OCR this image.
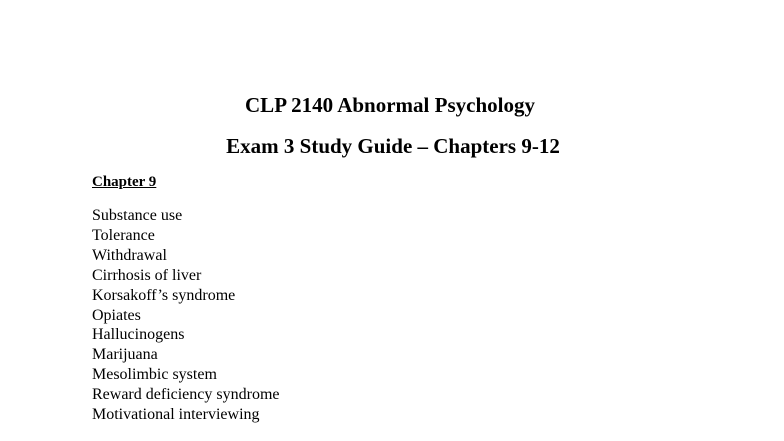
CLP 2140 Abnormal Psychology
Exam 3 Study Guide – Chapters 9-12
Chapter 9
Substance use
Tolerance
Withdrawal
Cirrhosis of liver
Korsakoff’s syndrome
Opiates
Hallucinogens
Marijuana
Mesolimbic system
Reward deficiency syndrome
Motivational interviewing
